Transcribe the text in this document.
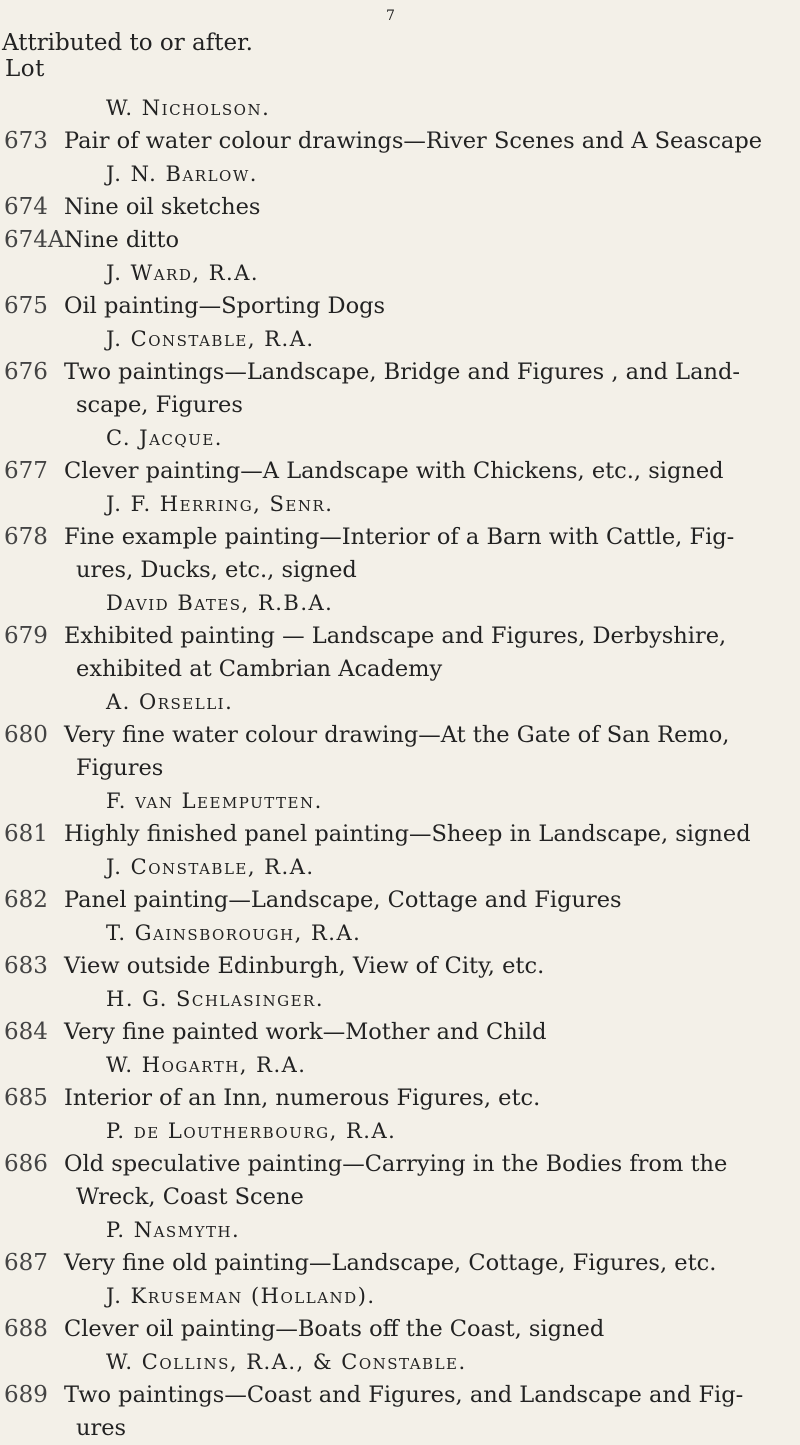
7
Attributed to or after.
Lot
W. Nicholson.
673 Pair of water colour drawings—River Scenes and A Seascape
J. N. Barlow.
674 Nine oil sketches
674A Nine ditto
J. Ward, R.A.
675 Oil painting—Sporting Dogs
J. Constable, R.A.
676 Two paintings—Landscape, Bridge and Figures , and Land-
scape, Figures
C. Jacque.
677 Clever painting—A Landscape with Chickens, etc., signed
J. F. Herring, Senr.
678 Fine example painting—Interior of a Barn with Cattle, Fig-
ures, Ducks, etc., signed
David Bates, R.B.A.
679 Exhibited painting — Landscape and Figures, Derbyshire,
exhibited at Cambrian Academy
A. Orselli.
680 Very fine water colour drawing—At the Gate of San Remo,
Figures
F. van Leemputten.
681 Highly finished panel painting—Sheep in Landscape, signed
J. Constable, R.A.
682 Panel painting—Landscape, Cottage and Figures
T. Gainsborough, R.A.
683 View outside Edinburgh, View of City, etc.
H. G. Schlasinger.
684 Very fine painted work—Mother and Child
W. Hogarth, R.A.
685 Interior of an Inn, numerous Figures, etc.
P. de Loutherbourg, R.A.
686 Old speculative painting—Carrying in the Bodies from the
Wreck, Coast Scene
P. Nasmyth.
687 Very fine old painting—Landscape, Cottage, Figures, etc.
J. Kruseman (Holland).
688 Clever oil painting—Boats off the Coast, signed
W. Collins, R.A., & Constable.
689 Two paintings—Coast and Figures, and Landscape and Fig-
ures
